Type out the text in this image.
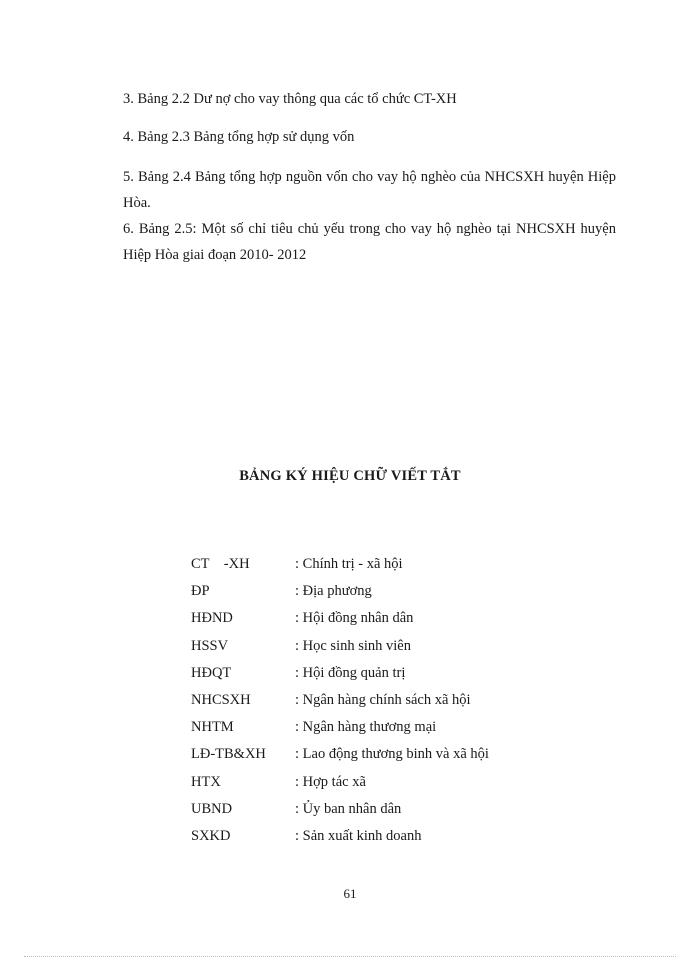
3. Bảng 2.2 Dư nợ cho vay thông qua các tổ chức CT-XH
4. Bảng 2.3 Bảng tổng hợp sử dụng vốn
5. Bảng 2.4 Bảng tổng hợp nguồn vốn cho vay hộ nghèo của NHCSXH huyện Hiệp Hòa.
6. Bảng 2.5: Một số chỉ tiêu chủ yếu trong cho vay hộ nghèo tại NHCSXH huyện Hiệp Hòa giai đoạn 2010- 2012
BẢNG KÝ HIỆU CHỮ VIẾT TẮT
CT    -XH	: Chính trị - xã hội
ĐP	: Địa phương
HĐND	: Hội đồng nhân dân
HSSV	: Học sinh sinh viên
HĐQT	: Hội đồng quản trị
NHCSXH	: Ngân hàng chính sách xã hội
NHTM	: Ngân hàng thương mại
LĐ-TB&XH	: Lao động thương binh và xã hội
HTX	: Hợp tác xã
UBND	: Ủy ban nhân dân
SXKD	: Sản xuất kinh doanh
61
